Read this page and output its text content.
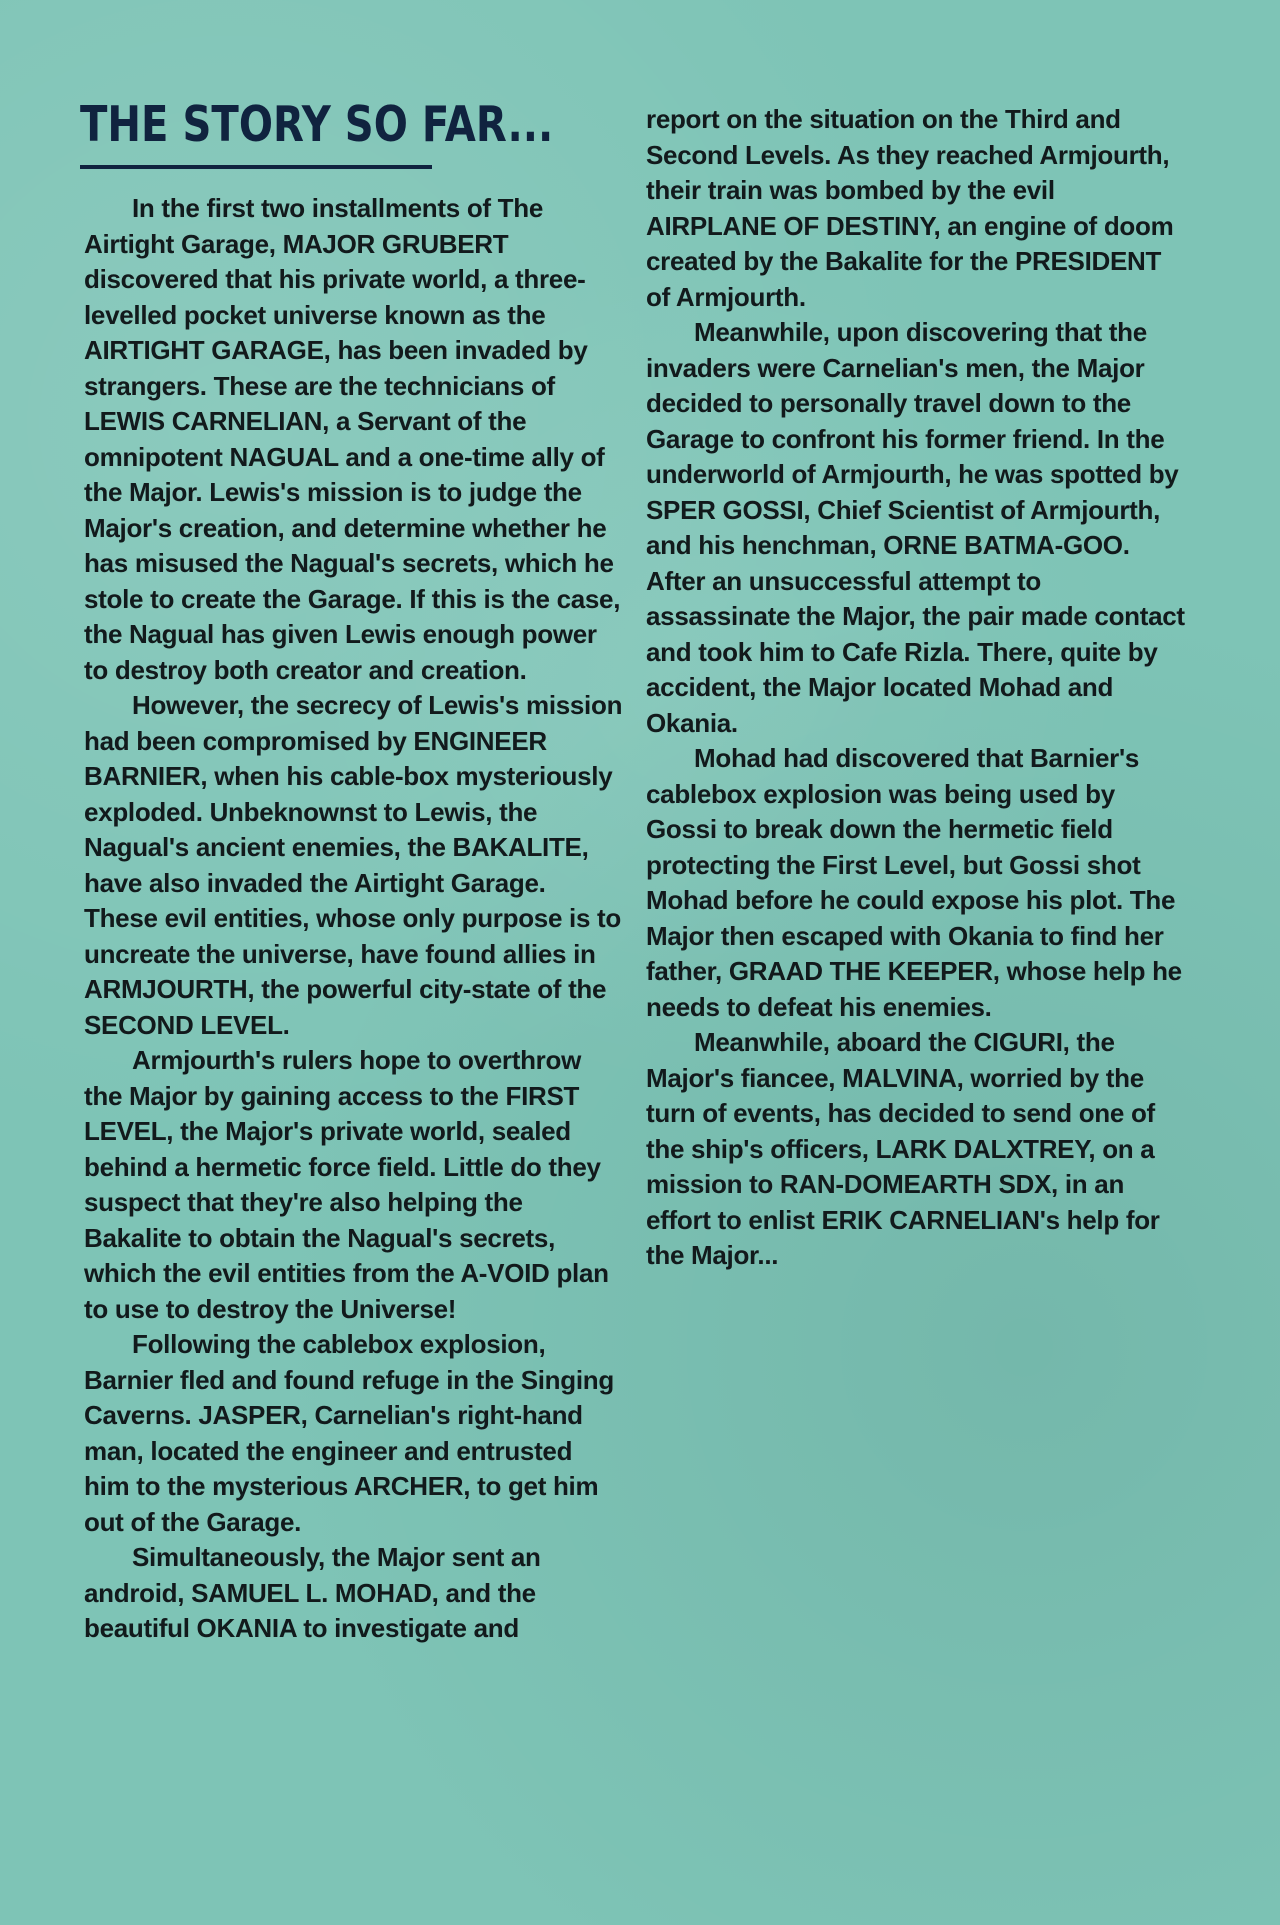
THE STORY SO FAR...

In the first two installments of The Airtight Garage, MAJOR GRUBERT discovered that his private world, a three-levelled pocket universe known as the AIRTIGHT GARAGE, has been invaded by strangers. These are the technicians of LEWIS CARNELIAN, a Servant of the omnipotent NAGUAL and a one-time ally of the Major. Lewis's mission is to judge the Major's creation, and determine whether he has misused the Nagual's secrets, which he stole to create the Garage. If this is the case, the Nagual has given Lewis enough power to destroy both creator and creation.

However, the secrecy of Lewis's mission had been compromised by ENGINEER BARNIER, when his cable-box mysteriously exploded. Unbeknownst to Lewis, the Nagual's ancient enemies, the BAKALITE, have also invaded the Airtight Garage. These evil entities, whose only purpose is to uncreate the universe, have found allies in ARMJOURTH, the powerful city-state of the SECOND LEVEL.

Armjourth's rulers hope to overthrow the Major by gaining access to the FIRST LEVEL, the Major's private world, sealed behind a hermetic force field. Little do they suspect that they're also helping the Bakalite to obtain the Nagual's secrets, which the evil entities from the A-VOID plan to use to destroy the Universe!

Following the cablebox explosion, Barnier fled and found refuge in the Singing Caverns. JASPER, Carnelian's right-hand man, located the engineer and entrusted him to the mysterious ARCHER, to get him out of the Garage.

Simultaneously, the Major sent an android, SAMUEL L. MOHAD, and the beautiful OKANIA to investigate and

report on the situation on the Third and Second Levels. As they reached Armjourth, their train was bombed by the evil AIRPLANE OF DESTINY, an engine of doom created by the Bakalite for the PRESIDENT of Armjourth.

Meanwhile, upon discovering that the invaders were Carnelian's men, the Major decided to personally travel down to the Garage to confront his former friend. In the underworld of Armjourth, he was spotted by SPER GOSSI, Chief Scientist of Armjourth, and his henchman, ORNE BATMA-GOO. After an unsuccessful attempt to assassinate the Major, the pair made contact and took him to Cafe Rizla. There, quite by accident, the Major located Mohad and Okania.

Mohad had discovered that Barnier's cablebox explosion was being used by Gossi to break down the hermetic field protecting the First Level, but Gossi shot Mohad before he could expose his plot. The Major then escaped with Okania to find her father, GRAAD THE KEEPER, whose help he needs to defeat his enemies.

Meanwhile, aboard the CIGURI, the Major's fiancee, MALVINA, worried by the turn of events, has decided to send one of the ship's officers, LARK DALXTREY, on a mission to RAN-DOMEARTH SDX, in an effort to enlist ERIK CARNELIAN's help for the Major...
